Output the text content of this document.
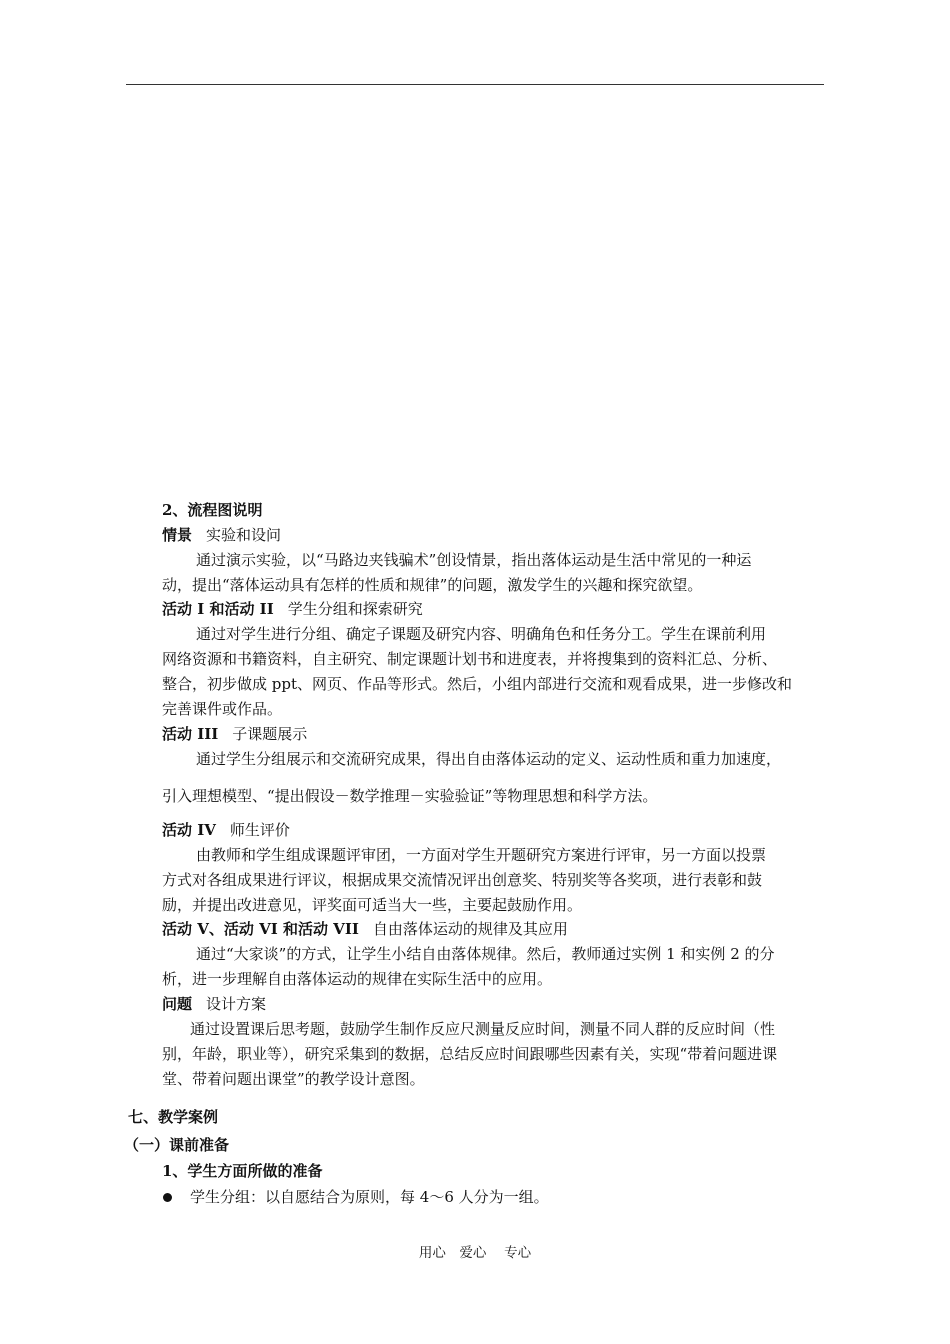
2、流程图说明
情景 实验和设问
通过演示实验，以“马路边夹钱骗术”创设情景，指出落体运动是生活中常见的一种运
动，提出“落体运动具有怎样的性质和规律”的问题，激发学生的兴趣和探究欲望。
活动 I 和活动 II 学生分组和探索研究
通过对学生进行分组、确定子课题及研究内容、明确角色和任务分工。学生在课前利用
网络资源和书籍资料，自主研究、制定课题计划书和进度表，并将搜集到的资料汇总、分析、
整合，初步做成 ppt、网页、作品等形式。然后，小组内部进行交流和观看成果，进一步修改和
完善课件或作品。
活动 III 子课题展示
通过学生分组展示和交流研究成果，得出自由落体运动的定义、运动性质和重力加速度，
引入理想模型、“提出假设－数学推理－实验验证”等物理思想和科学方法。
活动 IV 师生评价
由教师和学生组成课题评审团，一方面对学生开题研究方案进行评审，另一方面以投票
方式对各组成果进行评议，根据成果交流情况评出创意奖、特别奖等各奖项，进行表彰和鼓
励，并提出改进意见，评奖面可适当大一些，主要起鼓励作用。
活动 V、活动 VI 和活动 VII 自由落体运动的规律及其应用
通过“大家谈”的方式，让学生小结自由落体规律。然后，教师通过实例 1 和实例 2 的分
析，进一步理解自由落体运动的规律在实际生活中的应用。
问题 设计方案
通过设置课后思考题，鼓励学生制作反应尺测量反应时间，测量不同人群的反应时间（性
别，年龄，职业等），研究采集到的数据，总结反应时间跟哪些因素有关，实现“带着问题进课
堂、带着问题出课堂”的教学设计意图。
七、教学案例
（一）课前准备
1、学生方面所做的准备
学生分组：以自愿结合为原则，每 4～6 人分为一组。
用心　爱心　 专心
